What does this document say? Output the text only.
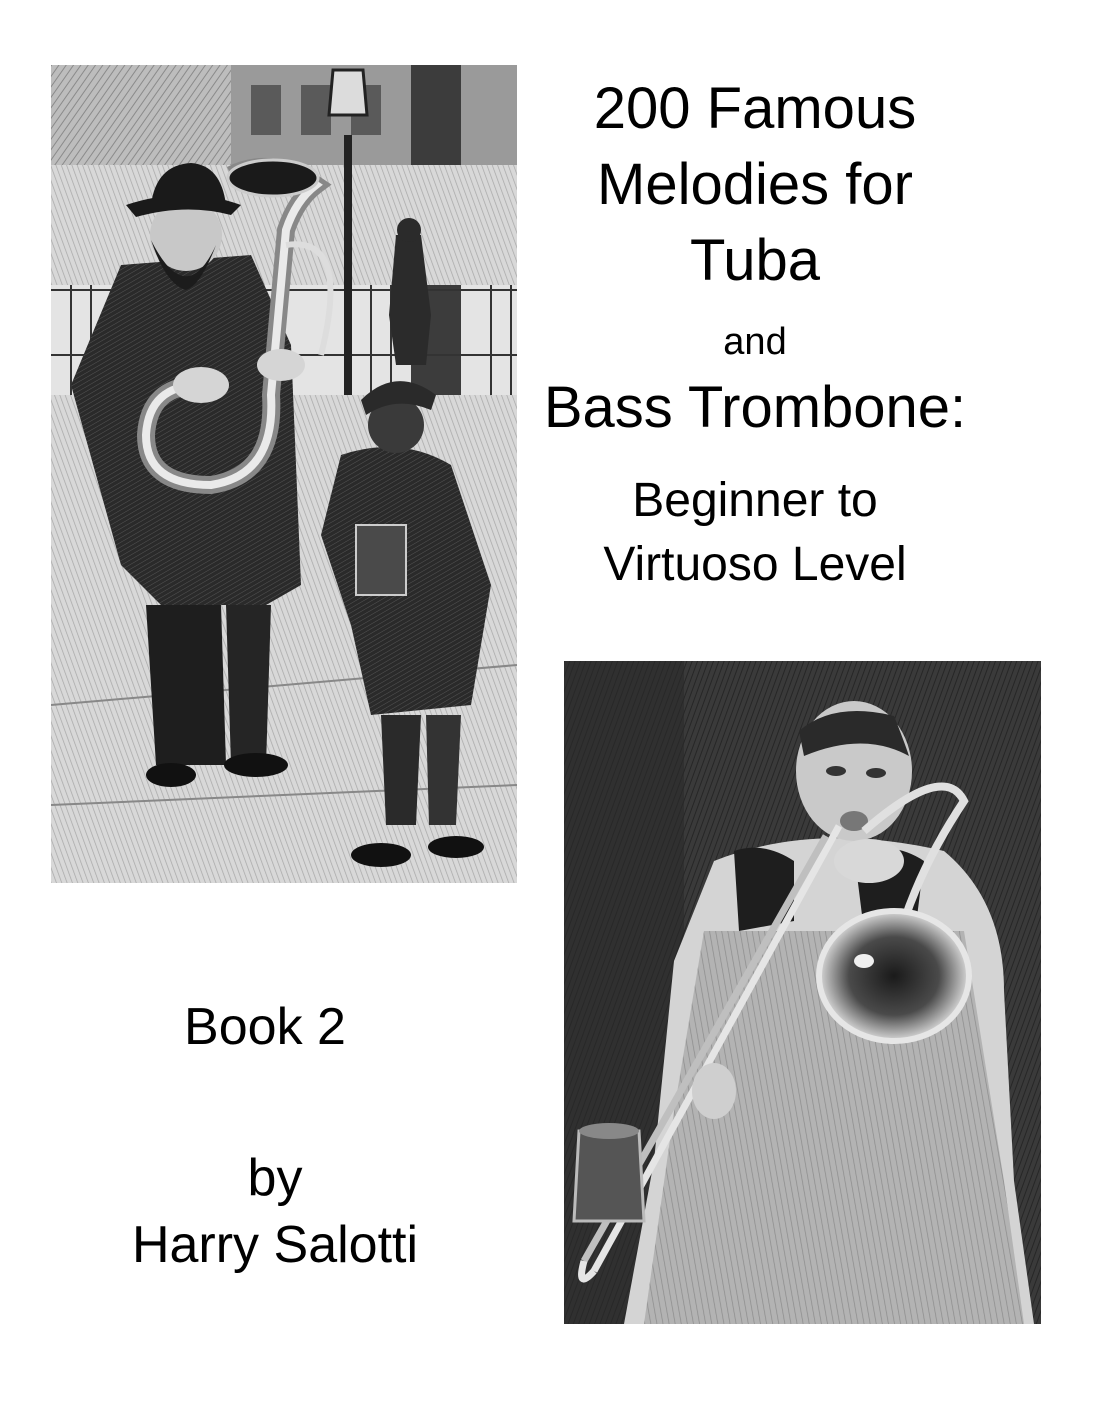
200 Famous
Melodies for
Tuba
and
Bass Trombone:
Beginner to
Virtuoso Level
Book 2
by
Harry Salotti
